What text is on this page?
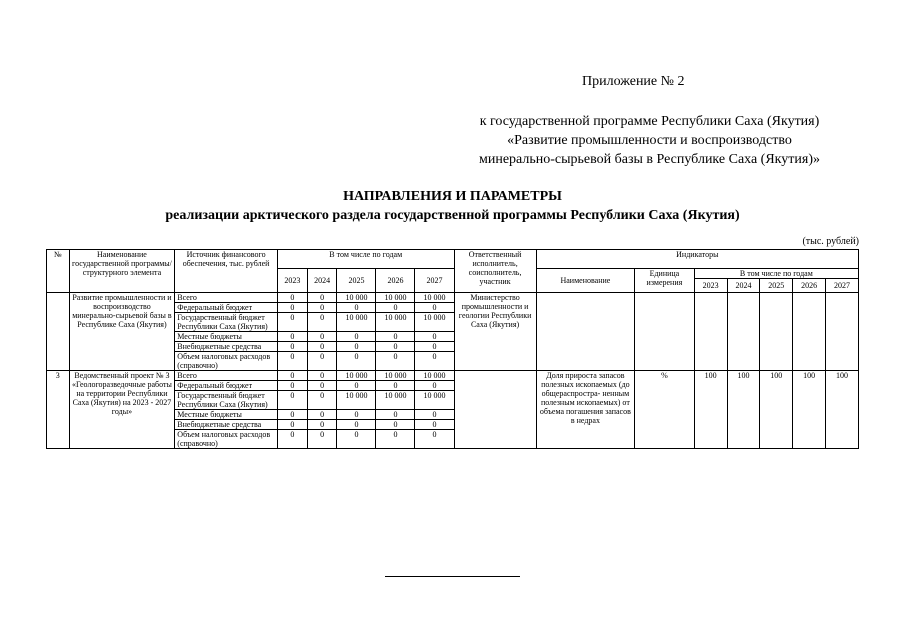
Приложение № 2
к государственной программе Республики Саха (Якутия)
«Развитие промышленности и воспроизводство
минерально-сырьевой базы в Республике Саха (Якутия)»
НАПРАВЛЕНИЯ И ПАРАМЕТРЫ
реализации арктического раздела государственной программы Республики Саха (Якутия)
(тыс. рублей)
№	Наименование государственной программы/ структурного элемента	Источник финансового обеспечения, тыс. рублей	В том числе по годам					Ответственный исполнитель, соисполнитель, участник	Индикаторы						
			2023	2024	2025	2026	2027		Наименование	Единица измерения	В том числе по годам				
											2023	2024	2025	2026	2027
	Развитие промышленности и воспроизводство минерально-сырьевой базы в Республике Саха (Якутия)	Всего	0	0	10 000	10 000	10 000	Министерство промышленности и геологии Республики Саха (Якутия)							
		Федеральный бюджет	0	0	0	0	0								
		Государственный бюджет Республики Саха (Якутия)	0	0	10 000	10 000	10 000								
		Местные бюджеты	0	0	0	0	0								
		Внебюджетные средства	0	0	0	0	0								
		Объем налоговых расходов (справочно)	0	0	0	0	0								
3	Ведомственный проект № 3 «Геологоразведочные работы на территории Республики Саха (Якутия) на 2023 - 2027 годы»	Всего	0	0	10 000	10 000	10 000		Доля прироста запасов полезных ископаемых (до общераспростра- ненным полезным ископаемых) от объема погашения запасов в недрах	%	100	100	100	100	100
		Федеральный бюджет	0	0	0	0	0								
		Государственный бюджет Республики Саха (Якутия)	0	0	10 000	10 000	10 000								
		Местные бюджеты	0	0	0	0	0								
		Внебюджетные средства	0	0	0	0	0								
		Объем налоговых расходов (справочно)	0	0	0	0	0								
